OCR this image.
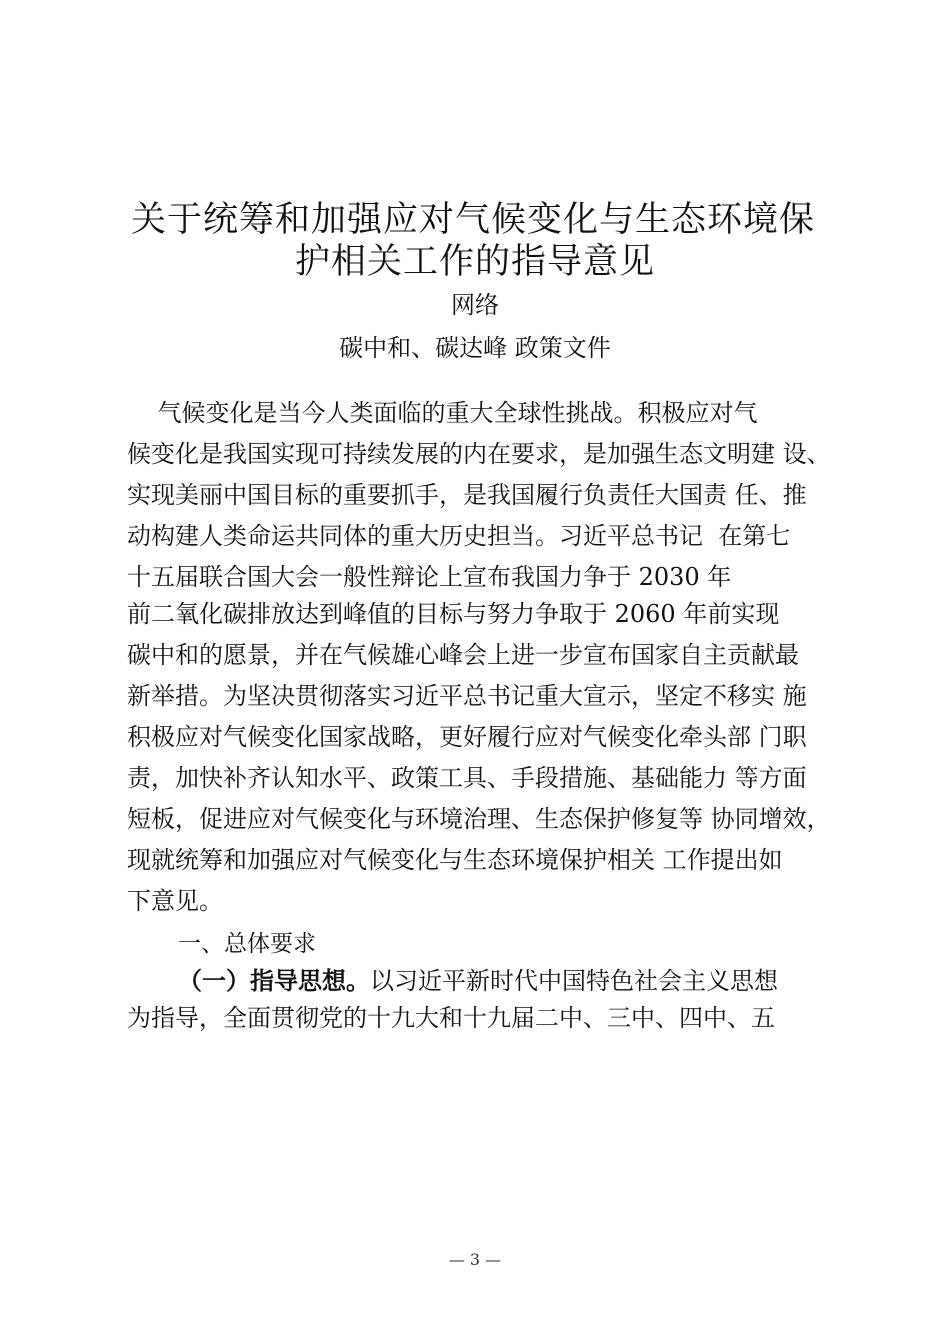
关于统筹和加强应对气候变化与生态环境保
护相关工作的指导意见
网络
碳中和、碳达峰 政策文件
气候变化是当今人类面临的重大全球性挑战。积极应对气
候变化是我国实现可持续发展的内在要求，是加强生态文明建 设、
实现美丽中国目标的重要抓手，是我国履行负责任大国责 任、推
动构建人类命运共同体的重大历史担当。习近平总书记  在第七
十五届联合国大会一般性辩论上宣布我国力争于 2030 年
前二氧化碳排放达到峰值的目标与努力争取于 2060 年前实现
碳中和的愿景，并在气候雄心峰会上进一步宣布国家自主贡献最
新举措。为坚决贯彻落实习近平总书记重大宣示，坚定不移实 施
积极应对气候变化国家战略，更好履行应对气候变化牵头部 门职
责，加快补齐认知水平、政策工具、手段措施、基础能力 等方面
短板，促进应对气候变化与环境治理、生态保护修复等 协同增效，
现就统筹和加强应对气候变化与生态环境保护相关 工作提出如
下意见。
一、总体要求
（一）指导思想。以习近平新时代中国特色社会主义思想
为指导，全面贯彻党的十九大和十九届二中、三中、四中、五
— 3 —
